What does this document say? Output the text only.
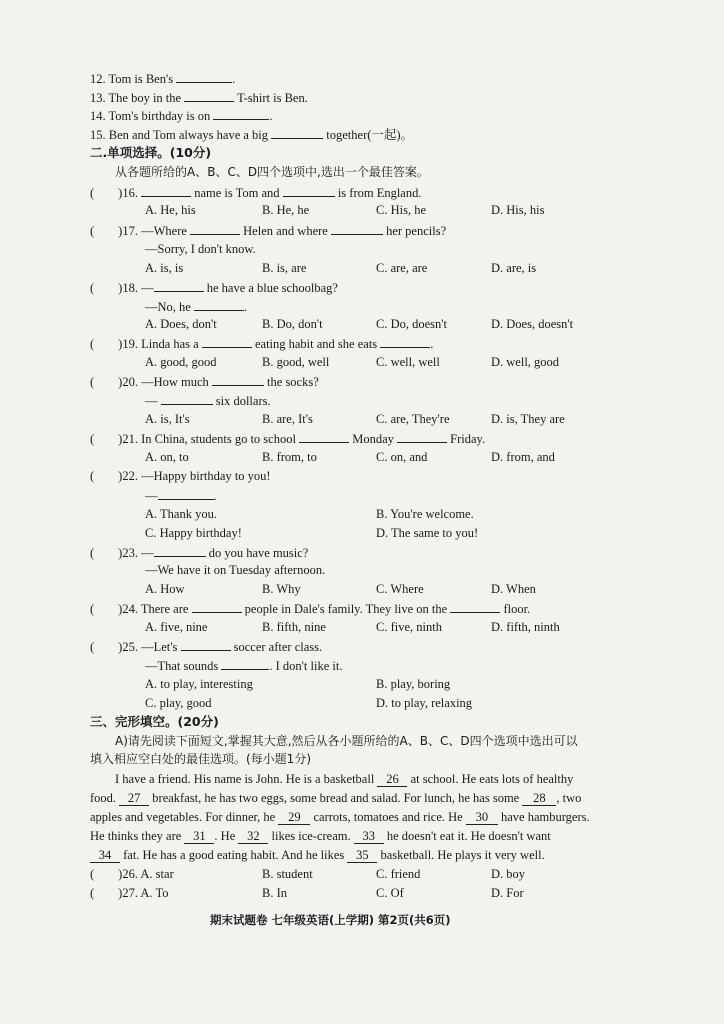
12. Tom is Ben's	.
13. The boy in the	T-shirt is Ben.
14. Tom's birthday is on	.
15. Ben and Tom always have a big	together(一起)。
二.单项选择。(10分)
从各题所给的A、B、C、D四个选项中,选出一个最佳答案。
( )16.	name is Tom and	is from England.
A. He, his	B. He, he	C. His, he	D. His, his
( )17. —Where	Helen and where	her pencils?
—Sorry, I don't know.
A. is, is	B. is, are	C. are, are	D. are, is
( )18. —	he have a blue schoolbag?
—No, he	.
A. Does, don't	B. Do, don't	C. Do, doesn't	D. Does, doesn't
( )19. Linda has a	eating habit and she eats	.
A. good, good	B. good, well	C. well, well	D. well, good
( )20. —How much	the socks?
—	six dollars.
A. is, It's	B. are, It's	C. are, They're	D. is, They are
( )21. In China, students go to school	Monday	Friday.
A. on, to	B. from, to	C. on, and	D. from, and
( )22. —Happy birthday to you!
—	.
A. Thank you.	B. You're welcome.
C. Happy birthday!	D. The same to you!
( )23. —	do you have music?
—We have it on Tuesday afternoon.
A. How	B. Why	C. Where	D. When
( )24. There are	people in Dale's family. They live on the	floor.
A. five, nine	B. fifth, nine	C. five, ninth	D. fifth, ninth
( )25. —Let's	soccer after class.
—That sounds	. I don't like it.
A. to play, interesting	B. play, boring
C. play, good	D. to play, relaxing
三、完形填空。(20分)
A)请先阅读下面短文,掌握其大意,然后从各小题所给的A、B、C、D四个选项中选出可以
填入相应空白处的最佳选项。(每小题1分)
I have a friend. His name is John. He is a basketball 26 at school. He eats lots of healthy
food. 27 breakfast, he has two eggs, some bread and salad. For lunch, he has some 28 , two
apples and vegetables. For dinner, he 29 carrots, tomatoes and rice. He 30 have hamburgers.
He thinks they are 31 . He 32 likes ice-cream. 33 he doesn't eat it. He doesn't want
34 fat. He has a good eating habit. And he likes 35 basketball. He plays it very well.
( )26. A. star	B. student	C. friend	D. boy
( )27. A. To	B. In	C. Of	D. For
期末试题卷 七年级英语(上学期) 第2页(共6页)
